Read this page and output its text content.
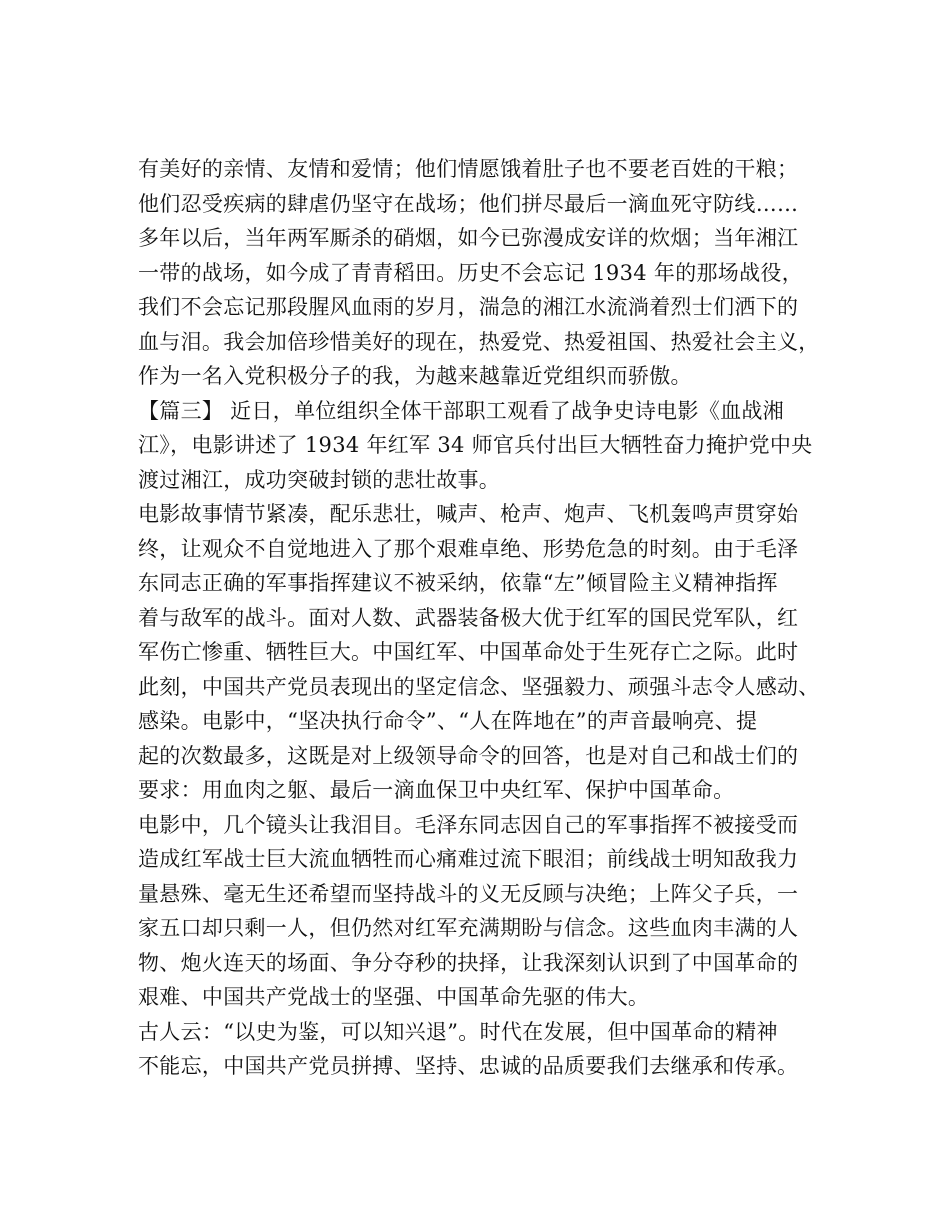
有美好的亲情、友情和爱情；他们情愿饿着肚子也不要老百姓的干粮；
他们忍受疾病的肆虐仍坚守在战场；他们拼尽最后一滴血死守防线……
多年以后，当年两军厮杀的硝烟，如今已弥漫成安详的炊烟；当年湘江
一带的战场，如今成了青青稻田。历史不会忘记 1934 年的那场战役，
我们不会忘记那段腥风血雨的岁月，湍急的湘江水流淌着烈士们洒下的
血与泪。我会加倍珍惜美好的现在，热爱党、热爱祖国、热爱社会主义，
作为一名入党积极分子的我，为越来越靠近党组织而骄傲。
【篇三】 近日，单位组织全体干部职工观看了战争史诗电影《血战湘
江》，电影讲述了 1934 年红军 34 师官兵付出巨大牺牲奋力掩护党中央
渡过湘江，成功突破封锁的悲壮故事。
电影故事情节紧凑，配乐悲壮，喊声、枪声、炮声、飞机轰鸣声贯穿始
终，让观众不自觉地进入了那个艰难卓绝、形势危急的时刻。由于毛泽
东同志正确的军事指挥建议不被采纳，依靠“左”倾冒险主义精神指挥
着与敌军的战斗。面对人数、武器装备极大优于红军的国民党军队，红
军伤亡惨重、牺牲巨大。中国红军、中国革命处于生死存亡之际。此时
此刻，中国共产党员表现出的坚定信念、坚强毅力、顽强斗志令人感动、
感染。电影中，“坚决执行命令”、“人在阵地在”的声音最响亮、提
起的次数最多，这既是对上级领导命令的回答，也是对自己和战士们的
要求：用血肉之躯、最后一滴血保卫中央红军、保护中国革命。
电影中，几个镜头让我泪目。毛泽东同志因自己的军事指挥不被接受而
造成红军战士巨大流血牺牲而心痛难过流下眼泪；前线战士明知敌我力
量悬殊、毫无生还希望而坚持战斗的义无反顾与决绝；上阵父子兵，一
家五口却只剩一人，但仍然对红军充满期盼与信念。这些血肉丰满的人
物、炮火连天的场面、争分夺秒的抉择，让我深刻认识到了中国革命的
艰难、中国共产党战士的坚强、中国革命先驱的伟大。
古人云：“以史为鉴，可以知兴退”。时代在发展，但中国革命的精神
不能忘，中国共产党员拼搏、坚持、忠诚的品质要我们去继承和传承。
